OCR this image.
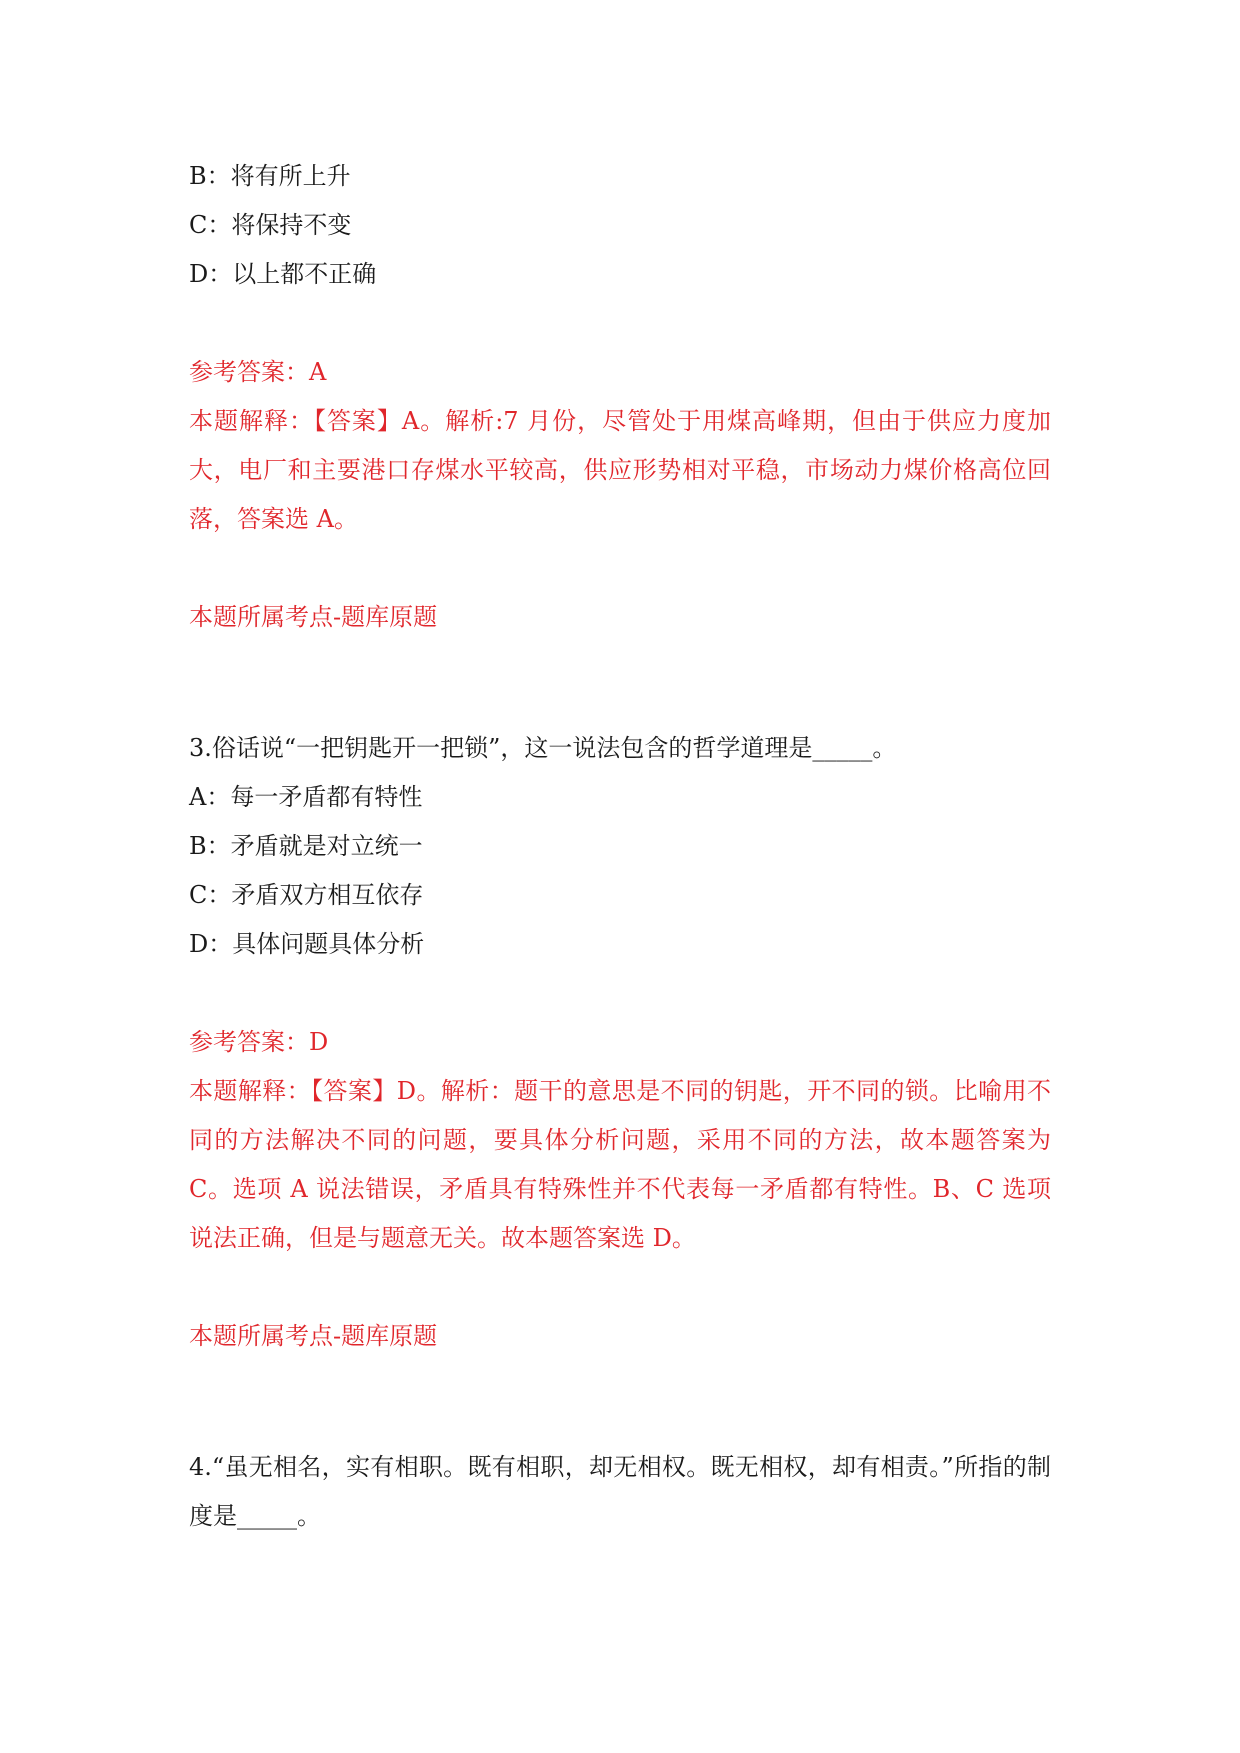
B：将有所上升

C：将保持不变

D：以上都不正确

参考答案：A

本题解释：【答案】A。解析:7 月份，尽管处于用煤高峰期，但由于供应力度加大，电厂和主要港口存煤水平较高，供应形势相对平稳，市场动力煤价格高位回落，答案选 A。

本题所属考点-题库原题

3.俗话说“一把钥匙开一把锁”，这一说法包含的哲学道理是_____。

A：每一矛盾都有特性

B：矛盾就是对立统一

C：矛盾双方相互依存

D：具体问题具体分析

参考答案：D

本题解释：【答案】D。解析：题干的意思是不同的钥匙，开不同的锁。比喻用不同的方法解决不同的问题，要具体分析问题，采用不同的方法，故本题答案为 C。选项 A 说法错误，矛盾具有特殊性并不代表每一矛盾都有特性。B、C 选项说法正确，但是与题意无关。故本题答案选 D。

本题所属考点-题库原题

4.“虽无相名，实有相职。既有相职，却无相权。既无相权，却有相责。”所指的制度是_____。
